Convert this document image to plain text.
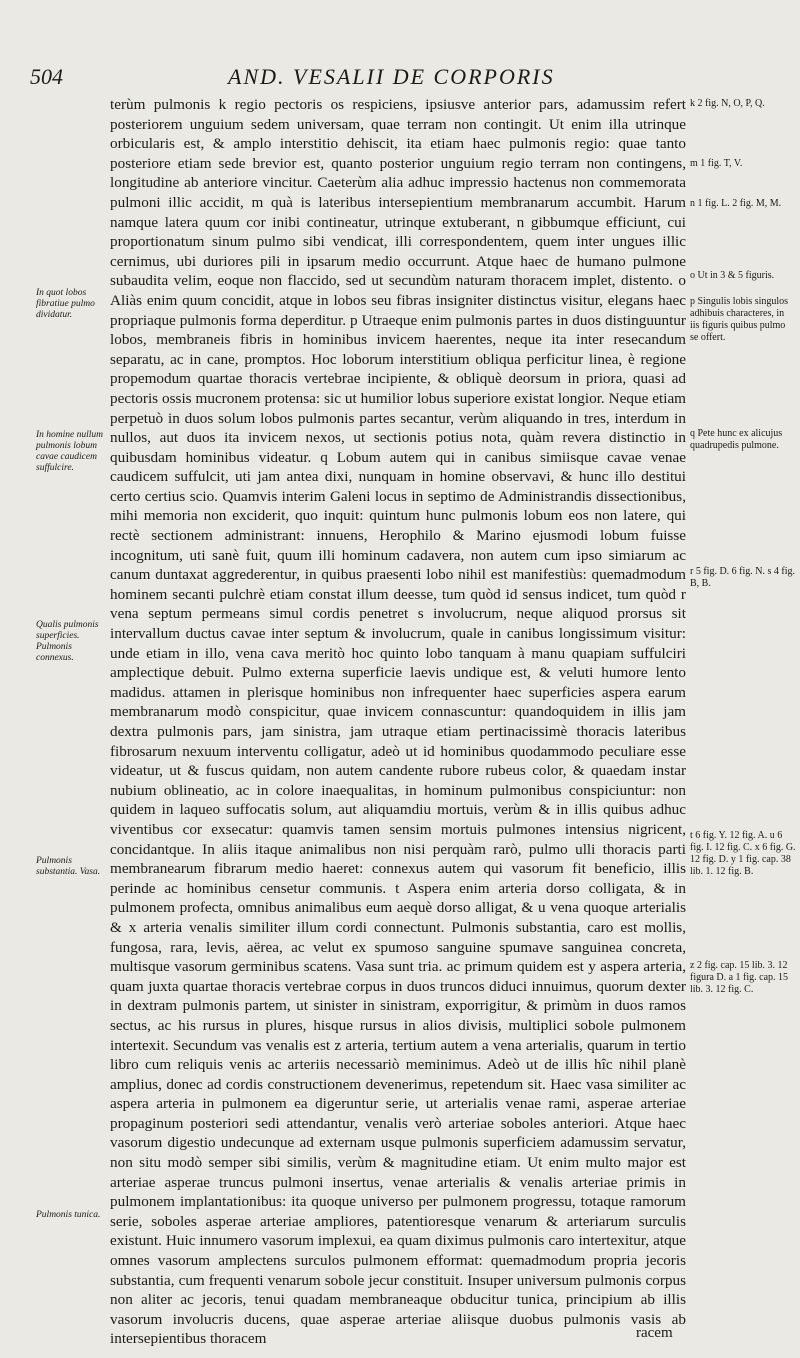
504	AND. VESALII DE CORPORIS

terùm pulmonis k regio pectoris os respiciens, ipsiusve anterior pars, adamussim refert posteriorem unguium sedem universam, quae terram non contingit. Ut enim illa utrinque orbicularis est, & amplo interstitio dehiscit, ita etiam haec pulmonis regio: quae tanto posteriore etiam sede brevior est, quanto posterior unguium regio terram non contingens, longitudine ab anteriore vincitur. Caeterùm alia adhuc impressio hactenus non commemorata pulmoni illic accidit, m quà is lateribus intersepientium membranarum accumbit. Harum namque latera quum cor inibi contineatur, utrinque extuberant, n gibbumque efficiunt, cui proportionatum sinum pulmo sibi vendicat, illi correspondentem, quem inter ungues illic cernimus, ubi duriores pili in ipsarum medio occurrunt. Atque haec de humano pulmone subaudita velim, eoque non flaccido, sed ut secundùm naturam thoracem implet, distento. o Aliàs enim quum concidit, atque in lobos seu fibras insigniter distinctus visitur, elegans haec propriaque pulmonis forma deperditur. p Utraeque enim pulmonis partes in duos distinguuntur lobos, membraneis fibris in hominibus invicem haerentes, neque ita inter resecandum separatu, ac in cane, promptos. Hoc loborum interstitium obliqua perficitur linea, è regione propemodum quartae thoracis vertebrae incipiente, & obliquè deorsum in priora, quasi ad pectoris ossis mucronem protensa: sic ut humilior lobus superiore existat longior. Neque etiam perpetuò in duos solum lobos pulmonis partes secantur, verùm aliquando in tres, interdum in nullos, aut duos ita invicem nexos, ut sectionis potius nota, quàm revera distinctio in quibusdam hominibus videatur. q Lobum autem qui in canibus simiisque cavae venae caudicem suffulcit, uti jam antea dixi, nunquam in homine observavi, & hunc illo destitui certo certius scio. Quamvis interim Galeni locus in septimo de Administrandis dissectionibus, mihi memoria non exciderit, quo inquit: quintum hunc pulmonis lobum eos non latere, qui rectè sectionem administrant: innuens, Herophilo & Marino ejusmodi lobum fuisse incognitum, uti sanè fuit, quum illi hominum cadavera, non autem cum ipso simiarum ac canum duntaxat aggrederentur, in quibus praesenti lobo nihil est manifestiùs: quemadmodum hominem secanti pulchrè etiam constat illum deesse, tum quòd id sensus indicet, tum quòd r vena septum permeans simul cordis penetret s involucrum, neque aliquod prorsus sit intervallum ductus cavae inter septum & involucrum, quale in canibus longissimum visitur: unde etiam in illo, vena cava meritò hoc quinto lobo tanquam à manu quapiam suffulciri amplectique debuit. Pulmo externa superficie laevis undique est, & veluti humore lento madidus. attamen in plerisque hominibus non infrequenter haec superficies aspera earum membranarum modò conspicitur, quae invicem connascuntur: quandoquidem in illis jam dextra pulmonis pars, jam sinistra, jam utraque etiam pertinacissimè thoracis lateribus fibrosarum nexuum interventu colligatur, adeò ut id hominibus quodammodo peculiare esse videatur, ut & fuscus quidam, non autem candente rubore rubeus color, & quaedam instar nubium oblineatio, ac in colore inaequalitas, in hominum pulmonibus conspiciuntur: non quidem in laqueo suffocatis solum, aut aliquamdiu mortuis, verùm & in illis quibus adhuc viventibus cor exsecatur: quamvis tamen sensim mortuis pulmones intensius nigricent, concidantque. In aliis itaque animalibus non nisi perquàm rarò, pulmo ulli thoracis parti membranearum fibrarum medio haeret: connexus autem qui vasorum fit beneficio, illis perinde ac hominibus censetur communis. t Aspera enim arteria dorso colligata, & in pulmonem profecta, omnibus animalibus eum aequè dorso alligat, & u vena quoque arterialis & x arteria venalis similiter illum cordi connectunt. Pulmonis substantia, caro est mollis, fungosa, rara, levis, aërea, ac velut ex spumoso sanguine spumave sanguinea concreta, multisque vasorum germinibus scatens. Vasa sunt tria. ac primum quidem est y aspera arteria, quam juxta quartae thoracis vertebrae corpus in duos truncos diduci innuimus, quorum dexter in dextram pulmonis partem, ut sinister in sinistram, exporrigitur, & primùm in duos ramos sectus, ac his rursus in plures, hisque rursus in alios divisis, multiplici sobole pulmonem intertexit. Secundum vas venalis est z arteria, tertium autem a vena arterialis, quarum in tertio libro cum reliquis venis ac arteriis necessariò meminimus. Adeò ut de illis hîc nihil planè amplius, donec ad cordis constructionem devenerimus, repetendum sit. Haec vasa similiter ac aspera arteria in pulmonem ea digeruntur serie, ut arterialis venae rami, asperae arteriae propaginum posteriori sedi attendantur, venalis verò arteriae soboles anteriori. Atque haec vasorum digestio undecunque ad externam usque pulmonis superficiem adamussim servatur, non situ modò semper sibi similis, verùm & magnitudine etiam. Ut enim multo major est arteriae asperae truncus pulmoni insertus, venae arterialis & venalis arteriae primis in pulmonem implantationibus: ita quoque universo per pulmonem progressu, totaque ramorum serie, soboles asperae arteriae ampliores, patentioresque venarum & arteriarum surculis existunt. Huic innumero vasorum implexui, ea quam diximus pulmonis caro intertexitur, atque omnes vasorum amplectens surculos pulmonem efformat: quemadmodum propria jecoris substantia, cum frequenti venarum sobole jecur constituit. Insuper universum pulmonis corpus non aliter ac jecoris, tenui quadam membraneaque obducitur tunica, principium ab illis vasorum involucris ducens, quae asperae arteriae aliisque duobus pulmonis vasis ab intersepientibus thoracem

In quot lobos fibratiue pulmo dividatur.
In homine nullum pulmonis lobum cavae caudicem suffulcire.
Qualis pulmonis superficies. Pulmonis connexus.
Pulmonis substantia. Vasa.
Pulmonis tunica.
k 2 fig. N, O, P, Q.
m 1 fig. T, V.
n 1 fig. L. 2 fig. M, M.
o Ut in 3 & 5 figuris.
p Singulis lobis singulos adhibuis characteres, in iis figuris quibus pulmo se offert.
q Pete hunc ex alicujus quadrupedis pulmone.
r 5 fig. D. 6 fig. N. s 4 fig. B, B.
t 6 fig. Y. 12 fig. A. u 6 fig. I. 12 fig. C. x 6 fig. G. 12 fig. D. y 1 fig. cap. 38 lib. 1. 12 fig. B.
z 2 fig. cap. 15 lib. 3. 12 figura D. a 1 fig. cap. 15 lib. 3. 12 fig. C.
racem
